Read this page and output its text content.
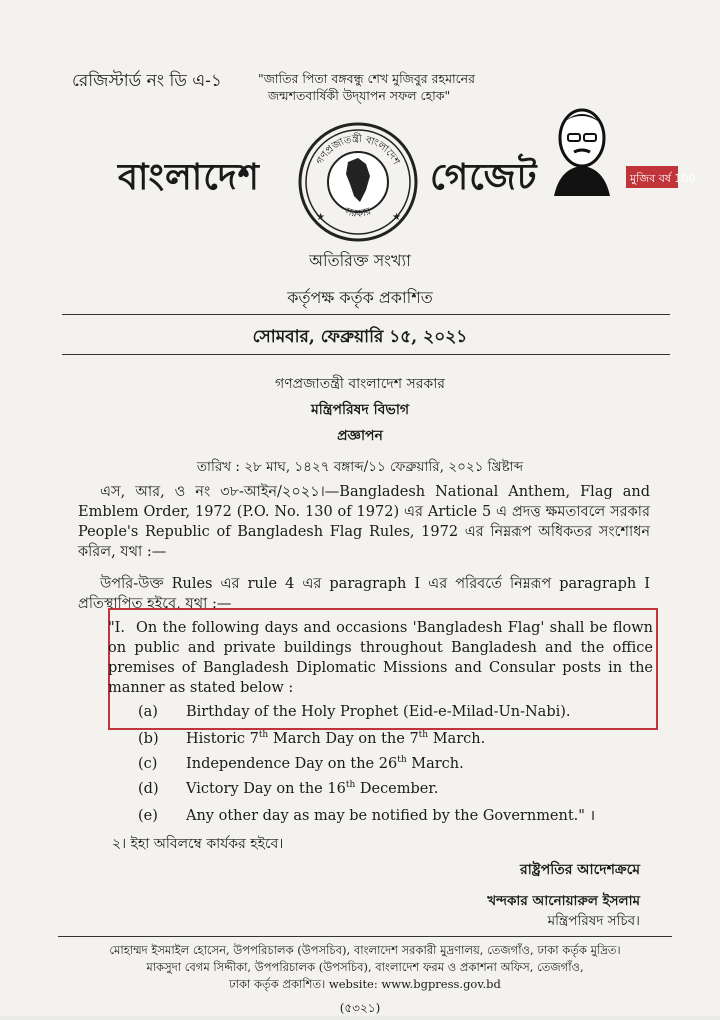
রেজিস্টার্ড নং ডি এ-১	"জাতির পিতা বঙ্গবন্ধু শেখ মুজিবুর রহমানের
জন্মশতবার্ষিকী উদ্‌যাপন সফল হোক"
বাংলাদেশ	গণপ্রজাতন্ত্রী বাংলাদেশ
সরকার
★	★
গেজেট	মুজিব বর্ষ 100
অতিরিক্ত সংখ্যা
কর্তৃপক্ষ কর্তৃক প্রকাশিত
সোমবার, ফেব্রুয়ারি ১৫, ২০২১
গণপ্রজাতন্ত্রী বাংলাদেশ সরকার
মন্ত্রিপরিষদ বিভাগ
প্রজ্ঞাপন
তারিখ : ২৮ মাঘ, ১৪২৭ বঙ্গাব্দ/১১ ফেব্রুয়ারি, ২০২১ খ্রিষ্টাব্দ
এস, আর, ও নং ৩৮-আইন/২০২১।—Bangladesh National Anthem, Flag and Emblem Order, 1972 (P.O. No. 130 of 1972) এর Article 5 এ প্রদত্ত ক্ষমতাবলে সরকার People's Republic of Bangladesh Flag Rules, 1972 এর নিম্নরূপ অধিকতর সংশোধন করিল, যথা :—
উপরি-উক্ত Rules এর rule 4 এর paragraph I এর পরিবর্তে নিম্নরূপ paragraph I প্রতিস্থাপিত হইবে, যথা :—
"I. On the following days and occasions 'Bangladesh Flag' shall be flown on public and private buildings throughout Bangladesh and the office premises of Bangladesh Diplomatic Missions and Consular posts in the manner as stated below :
(a) Birthday of the Holy Prophet (Eid-e-Milad-Un-Nabi).
(b) Historic 7th March Day on the 7th March.
(c) Independence Day on the 26th March.
(d) Victory Day on the 16th December.
(e) Any other day as may be notified by the Government." ।
২। ইহা অবিলম্বে কার্যকর হইবে।
রাষ্ট্রপতির আদেশক্রমে
খন্দকার আনোয়ারুল ইসলাম
মন্ত্রিপরিষদ সচিব।
মোহাম্মদ ইসমাইল হোসেন, উপপরিচালক (উপসচিব), বাংলাদেশ সরকারী মুদ্রণালয়, তেজগাঁও, ঢাকা কর্তৃক মুদ্রিত।
মাকসুদা বেগম সিদ্দীকা, উপপরিচালক (উপসচিব), বাংলাদেশ ফরম ও প্রকাশনা অফিস, তেজগাঁও,
ঢাকা কর্তৃক প্রকাশিত। website: www.bgpress.gov.bd
(৫৩২১)
